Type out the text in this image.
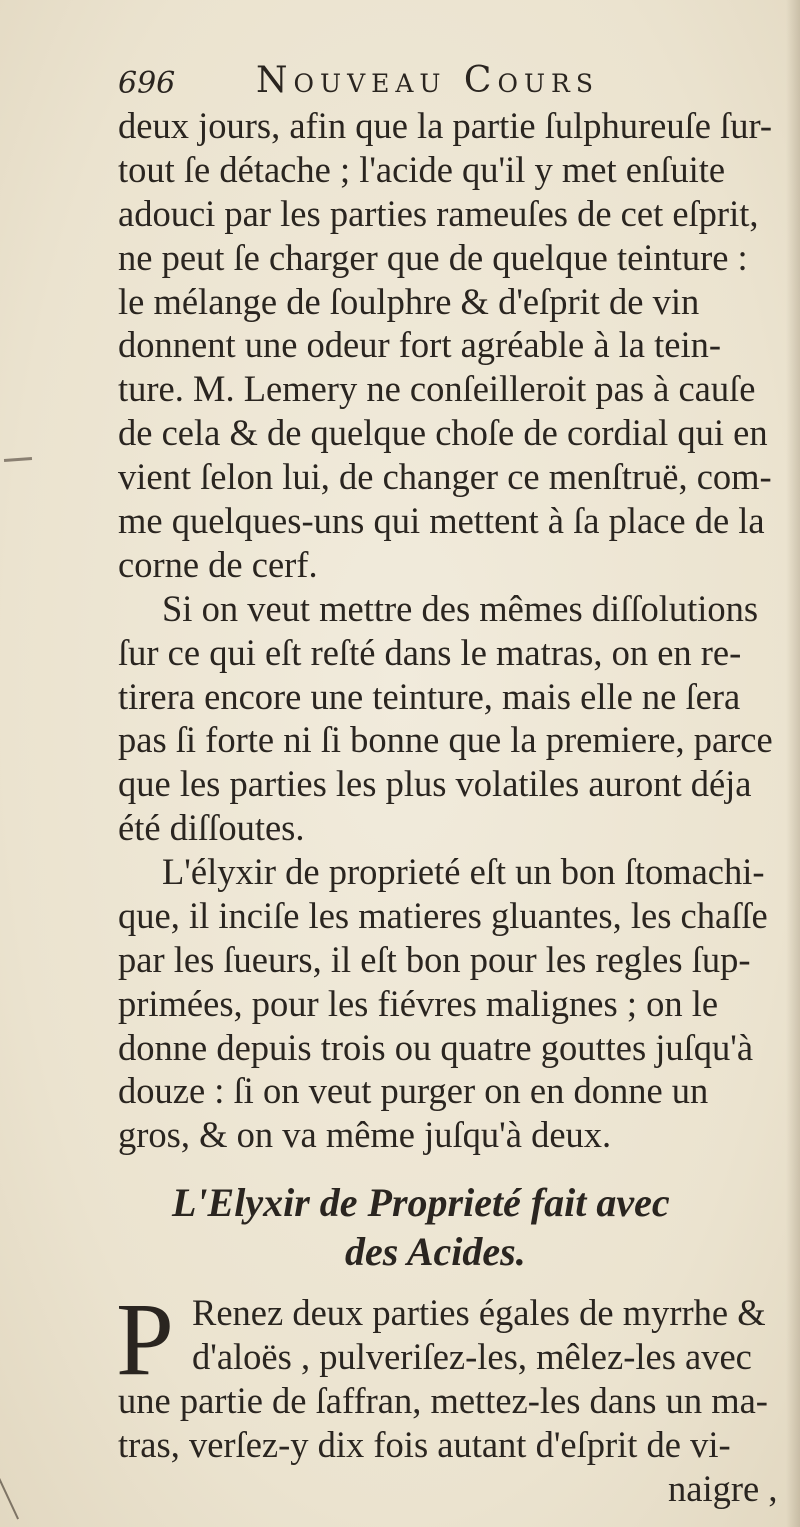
696 Nouveau Cours
deux jours, afin que la partie ſulphureuſe ſur-
tout ſe détache ; l'acide qu'il y met enſuite
adouci par les parties rameuſes de cet eſprit,
ne peut ſe charger que de quelque teinture :
le mélange de ſoulphre & d'eſprit de vin
donnent une odeur fort agréable à la tein-
ture. M. Lemery ne conſeilleroit pas à cauſe
de cela & de quelque choſe de cordial qui en
vient ſelon lui, de changer ce menſtruë, com-
me quelques-uns qui mettent à ſa place de la
corne de cerf.
Si on veut mettre des mêmes diſſolutions
ſur ce qui eſt reſté dans le matras, on en re-
tirera encore une teinture, mais elle ne ſera
pas ſi forte ni ſi bonne que la premiere, parce
que les parties les plus volatiles auront déja
été diſſoutes.
L'élyxir de proprieté eſt un bon ſtomachi-
que, il inciſe les matieres gluantes, les chaſſe
par les ſueurs, il eſt bon pour les regles ſup-
primées, pour les fiévres malignes ; on le
donne depuis trois ou quatre gouttes juſqu'à
douze : ſi on veut purger on en donne un
gros, & on va même juſqu'à deux.
L'Elyxir de Proprieté fait avec
des Acides.
P Renez deux parties égales de myrrhe &
d'aloës , pulveriſez-les, mêlez-les avec
une partie de ſaffran, mettez-les dans un ma-
tras, verſez-y dix fois autant d'eſprit de vi-
naigre ,
